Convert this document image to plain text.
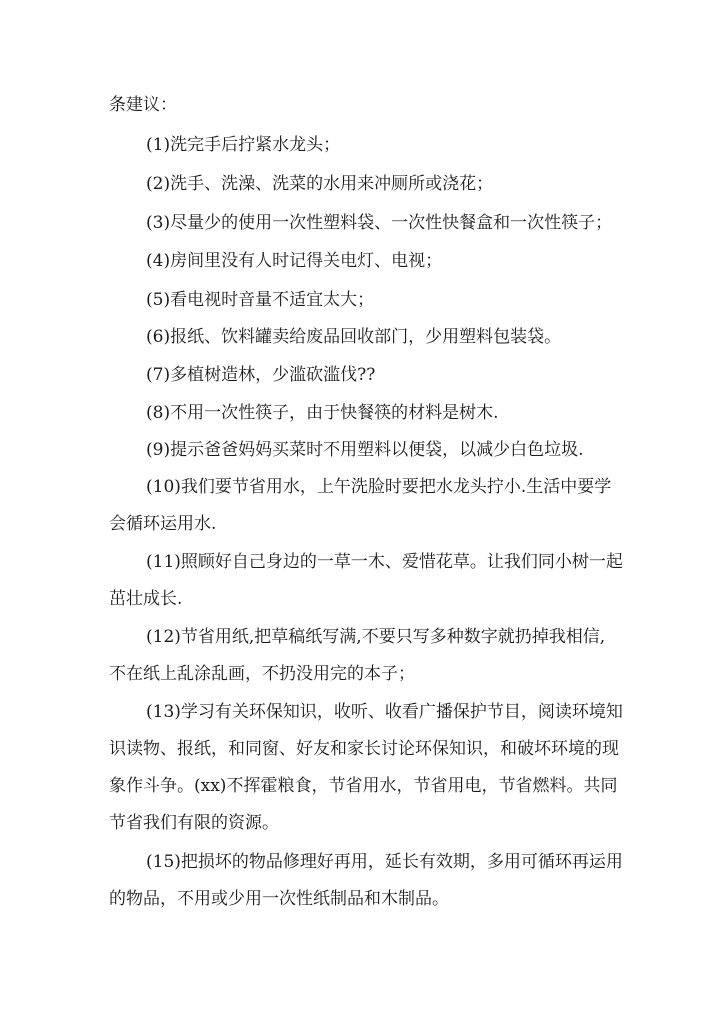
条建议：

(1)洗完手后拧紧水龙头；

(2)洗手、洗澡、洗菜的水用来冲厕所或浇花；

(3)尽量少的使用一次性塑料袋、一次性快餐盒和一次性筷子；

(4)房间里没有人时记得关电灯、电视；

(5)看电视时音量不适宜太大；

(6)报纸、饮料罐卖给废品回收部门，少用塑料包装袋。

(7)多植树造林，少滥砍滥伐??

(8)不用一次性筷子，由于快餐筷的材料是树木.

(9)提示爸爸妈妈买菜时不用塑料以便袋，以减少白色垃圾.

(10)我们要节省用水，上午洗脸时要把水龙头拧小.生活中要学

会循环运用水.

(11)照顾好自己身边的一草一木、爱惜花草。让我们同小树一起

茁壮成长.

(12)节省用纸,把草稿纸写满,不要只写多种数字就扔掉我相信,

不在纸上乱涂乱画，不扔没用完的本子；

(13)学习有关环保知识，收听、收看广播保护节目，阅读环境知

识读物、报纸，和同窗、好友和家长讨论环保知识，和破坏环境的现

象作斗争。(xx)不挥霍粮食，节省用水，节省用电，节省燃料。共同

节省我们有限的资源。

(15)把损坏的物品修理好再用，延长有效期，多用可循环再运用

的物品，不用或少用一次性纸制品和木制品。
